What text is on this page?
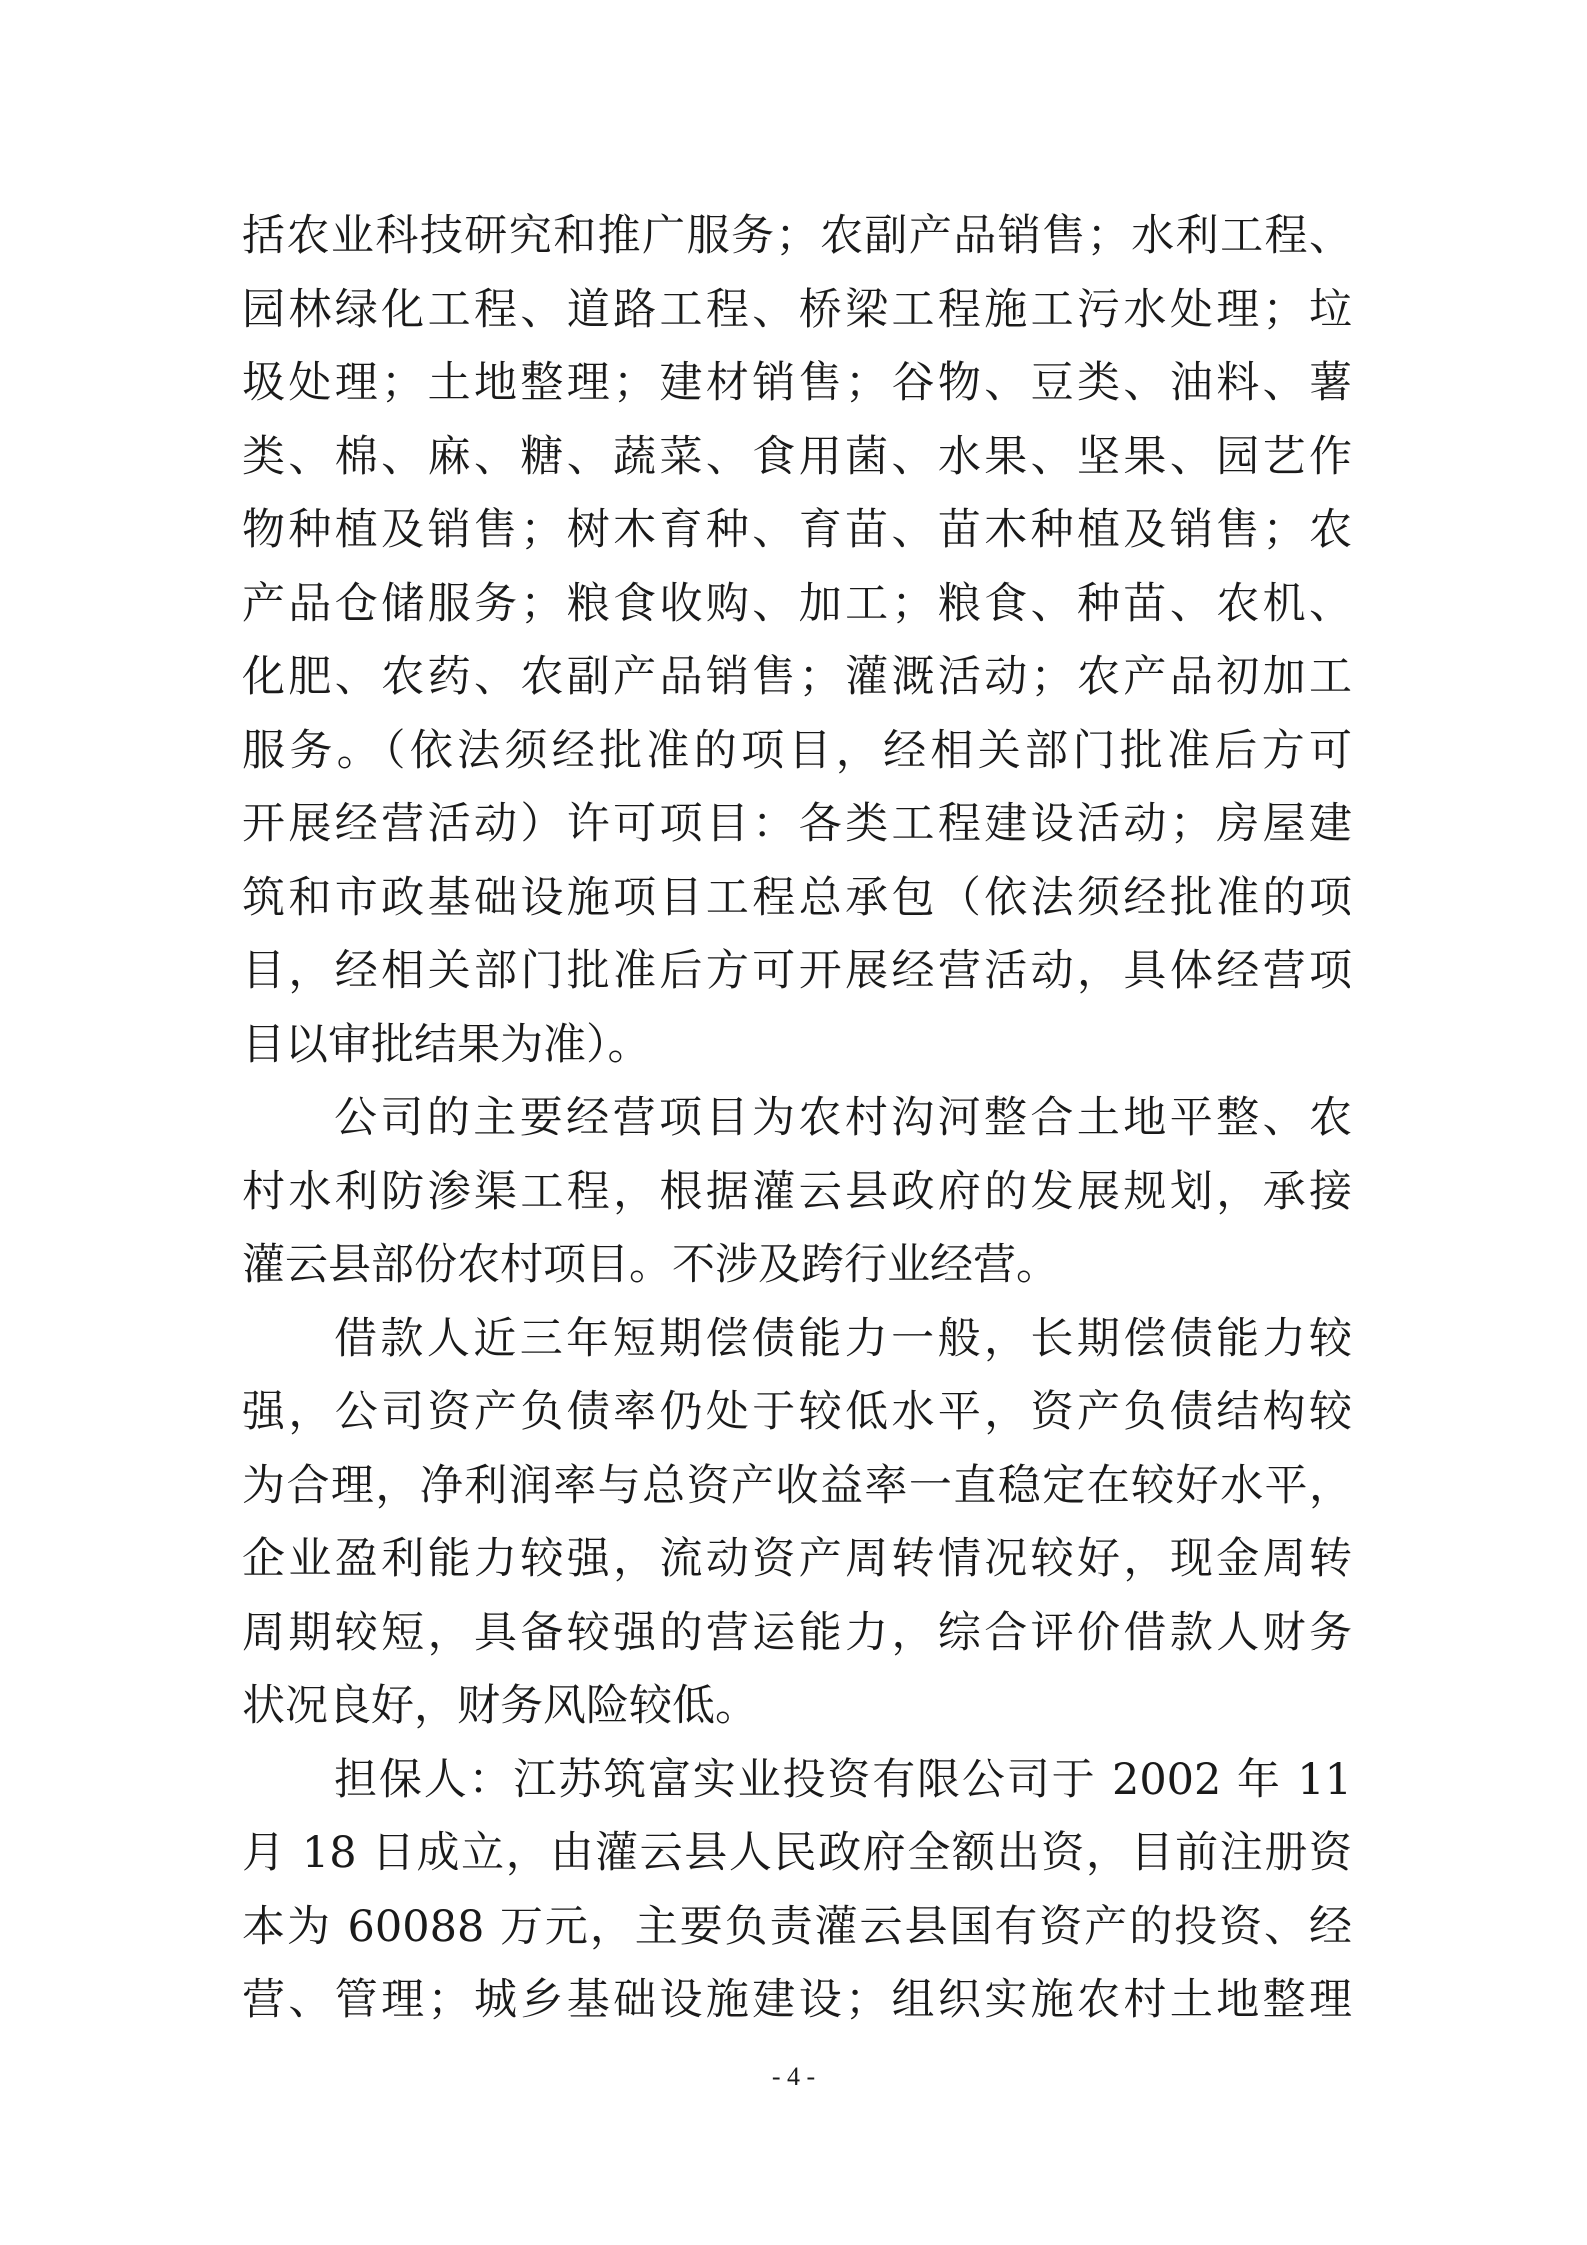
括农业科技研究和推广服务；农副产品销售；水利工程、
园林绿化工程、道路工程、桥梁工程施工污水处理；垃
圾处理；土地整理；建材销售；谷物、豆类、油料、薯
类、棉、麻、糖、蔬菜、食用菌、水果、坚果、园艺作
物种植及销售；树木育种、育苗、苗木种植及销售；农
产品仓储服务；粮食收购、加工；粮食、种苗、农机、
化肥、农药、农副产品销售；灌溉活动；农产品初加工
服务。（依法须经批准的项目，经相关部门批准后方可
开展经营活动）许可项目：各类工程建设活动；房屋建
筑和市政基础设施项目工程总承包（依法须经批准的项
目，经相关部门批准后方可开展经营活动，具体经营项
目以审批结果为准）。
公司的主要经营项目为农村沟河整合土地平整、农
村水利防渗渠工程，根据灌云县政府的发展规划，承接
灌云县部份农村项目。不涉及跨行业经营。
借款人近三年短期偿债能力一般，长期偿债能力较
强，公司资产负债率仍处于较低水平，资产负债结构较
为合理，净利润率与总资产收益率一直稳定在较好水平，
企业盈利能力较强，流动资产周转情况较好，现金周转
周期较短，具备较强的营运能力，综合评价借款人财务
状况良好，财务风险较低。
担保人：江苏筑富实业投资有限公司于 2002 年 11
月 18 日成立，由灌云县人民政府全额出资，目前注册资
本为 60088 万元，主要负责灌云县国有资产的投资、经
营、管理；城乡基础设施建设；组织实施农村土地整理
- 4 -
